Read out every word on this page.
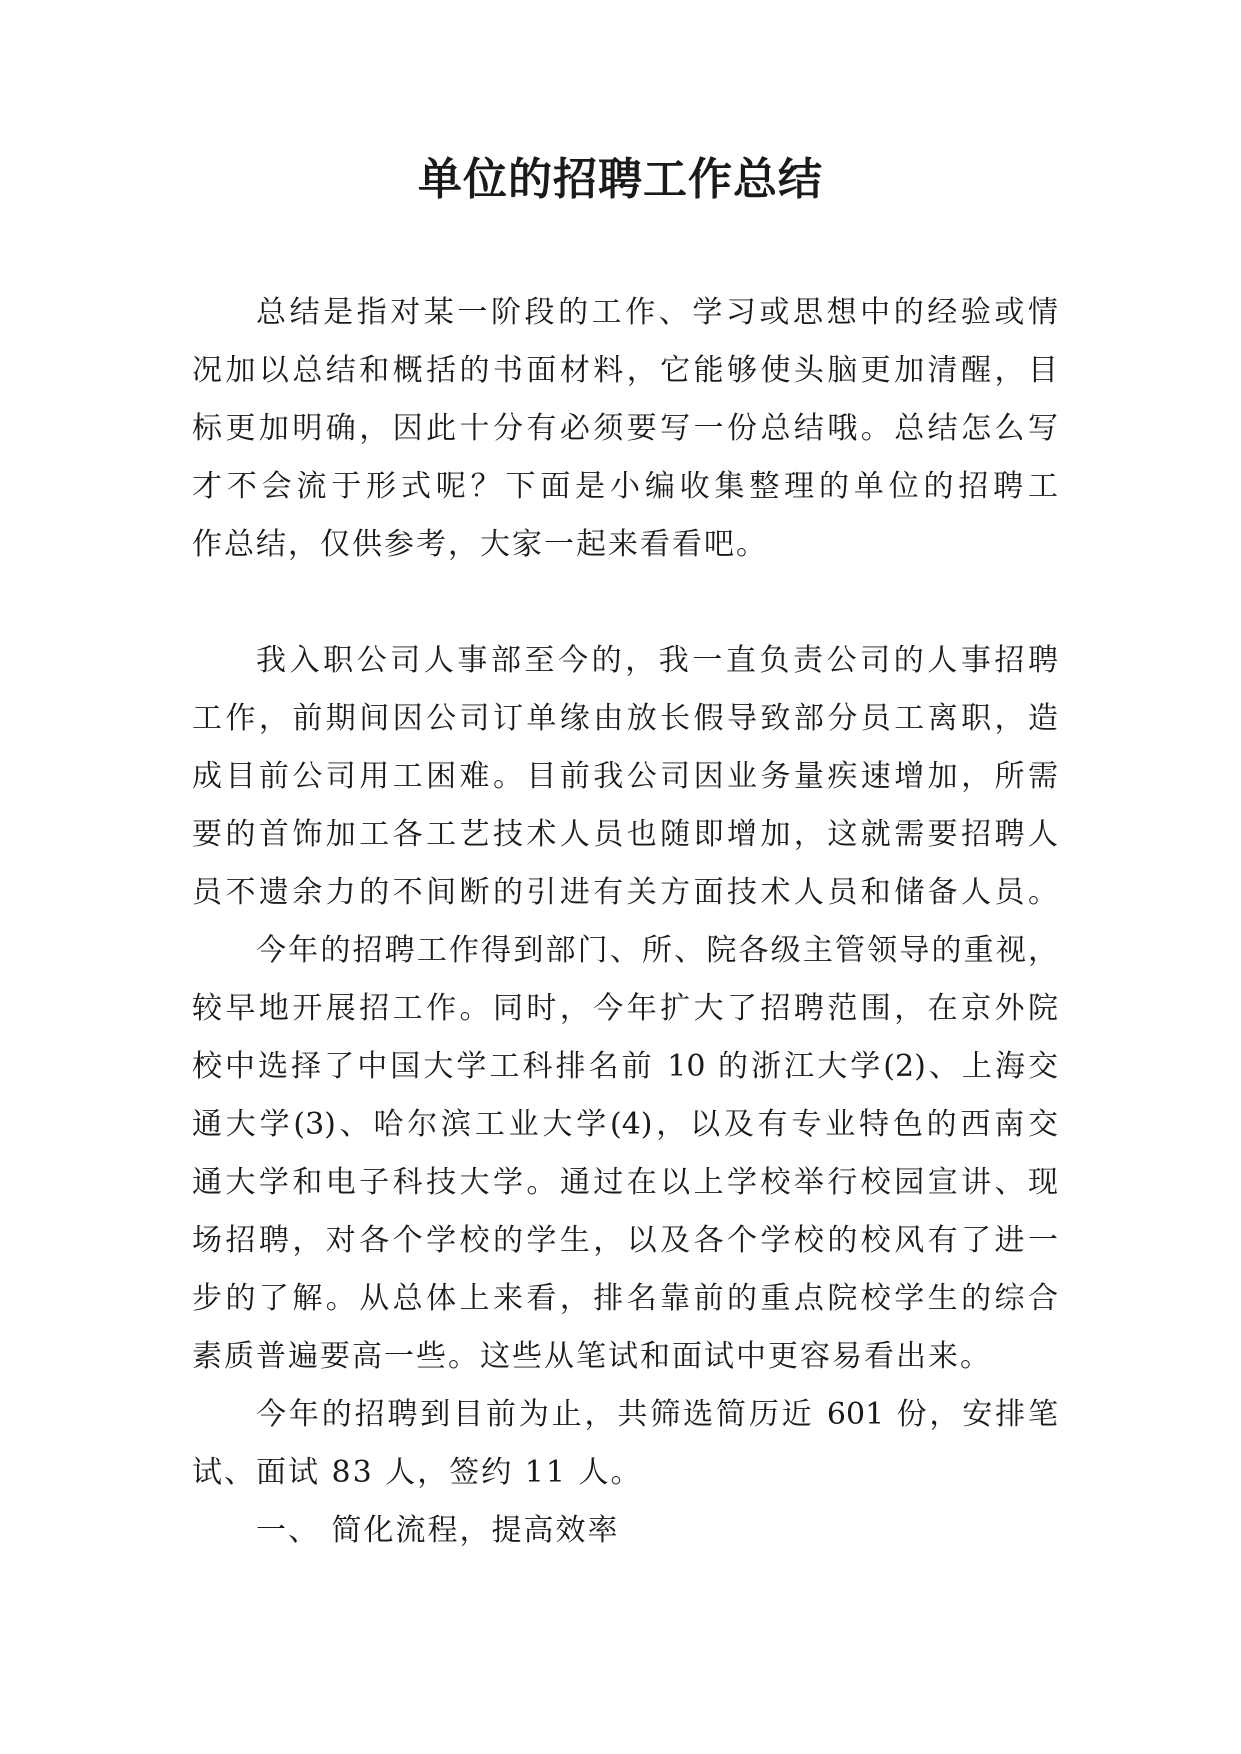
单位的招聘工作总结
总结是指对某一阶段的工作、学习或思想中的经验或情
况加以总结和概括的书面材料，它能够使头脑更加清醒，目
标更加明确，因此十分有必须要写一份总结哦。总结怎么写
才不会流于形式呢？下面是小编收集整理的单位的招聘工
作总结，仅供参考，大家一起来看看吧。
我入职公司人事部至今的，我一直负责公司的人事招聘
工作，前期间因公司订单缘由放长假导致部分员工离职，造
成目前公司用工困难。目前我公司因业务量疾速增加，所需
要的首饰加工各工艺技术人员也随即增加，这就需要招聘人
员不遗余力的不间断的引进有关方面技术人员和储备人员。
今年的招聘工作得到部门、所、院各级主管领导的重视，
较早地开展招工作。同时，今年扩大了招聘范围，在京外院
校中选择了中国大学工科排名前 10 的浙江大学(2)、上海交
通大学(3)、哈尔滨工业大学(4)，以及有专业特色的西南交
通大学和电子科技大学。通过在以上学校举行校园宣讲、现
场招聘，对各个学校的学生，以及各个学校的校风有了进一
步的了解。从总体上来看，排名靠前的重点院校学生的综合
素质普遍要高一些。这些从笔试和面试中更容易看出来。
今年的招聘到目前为止，共筛选简历近 601 份，安排笔
试、面试 83 人，签约 11 人。
一、 简化流程，提高效率
